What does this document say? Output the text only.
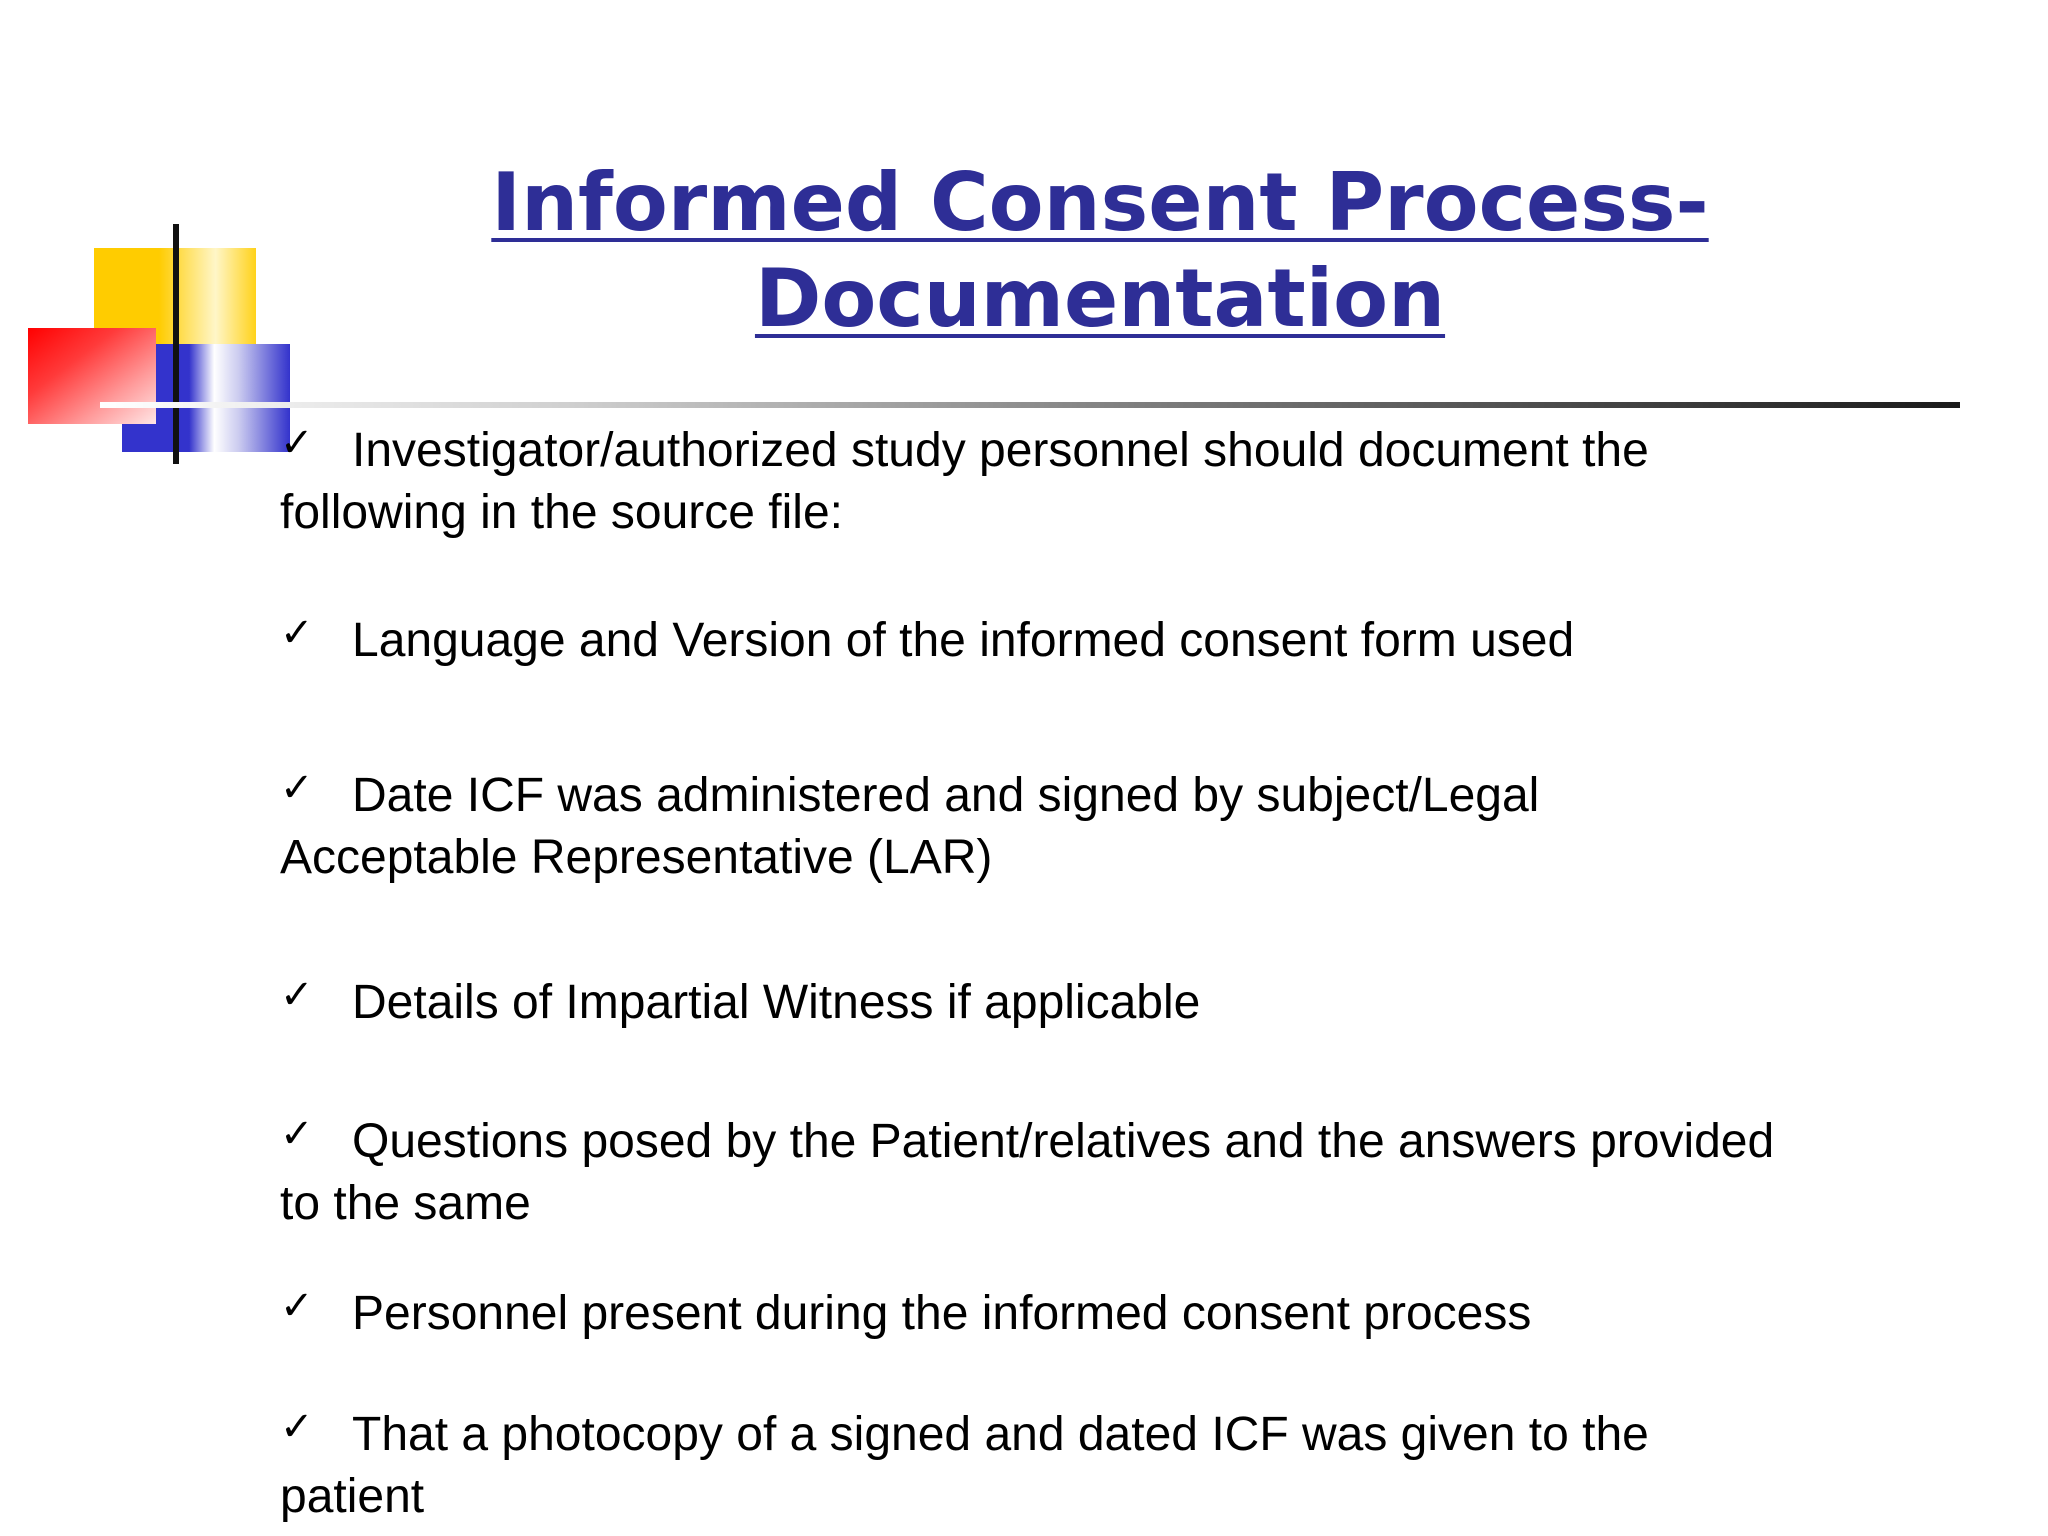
Informed Consent Process-
Documentation
✓ Investigator/authorized study personnel should document the following in the source file:
✓ Language and Version of the informed consent form used
✓ Date ICF was administered and signed by subject/Legal Acceptable Representative (LAR)
✓ Details of Impartial Witness if applicable
✓ Questions posed by the Patient/relatives and the answers provided to the same
✓ Personnel present during the informed consent process
✓ That a photocopy of a signed and dated ICF was given to the patient
